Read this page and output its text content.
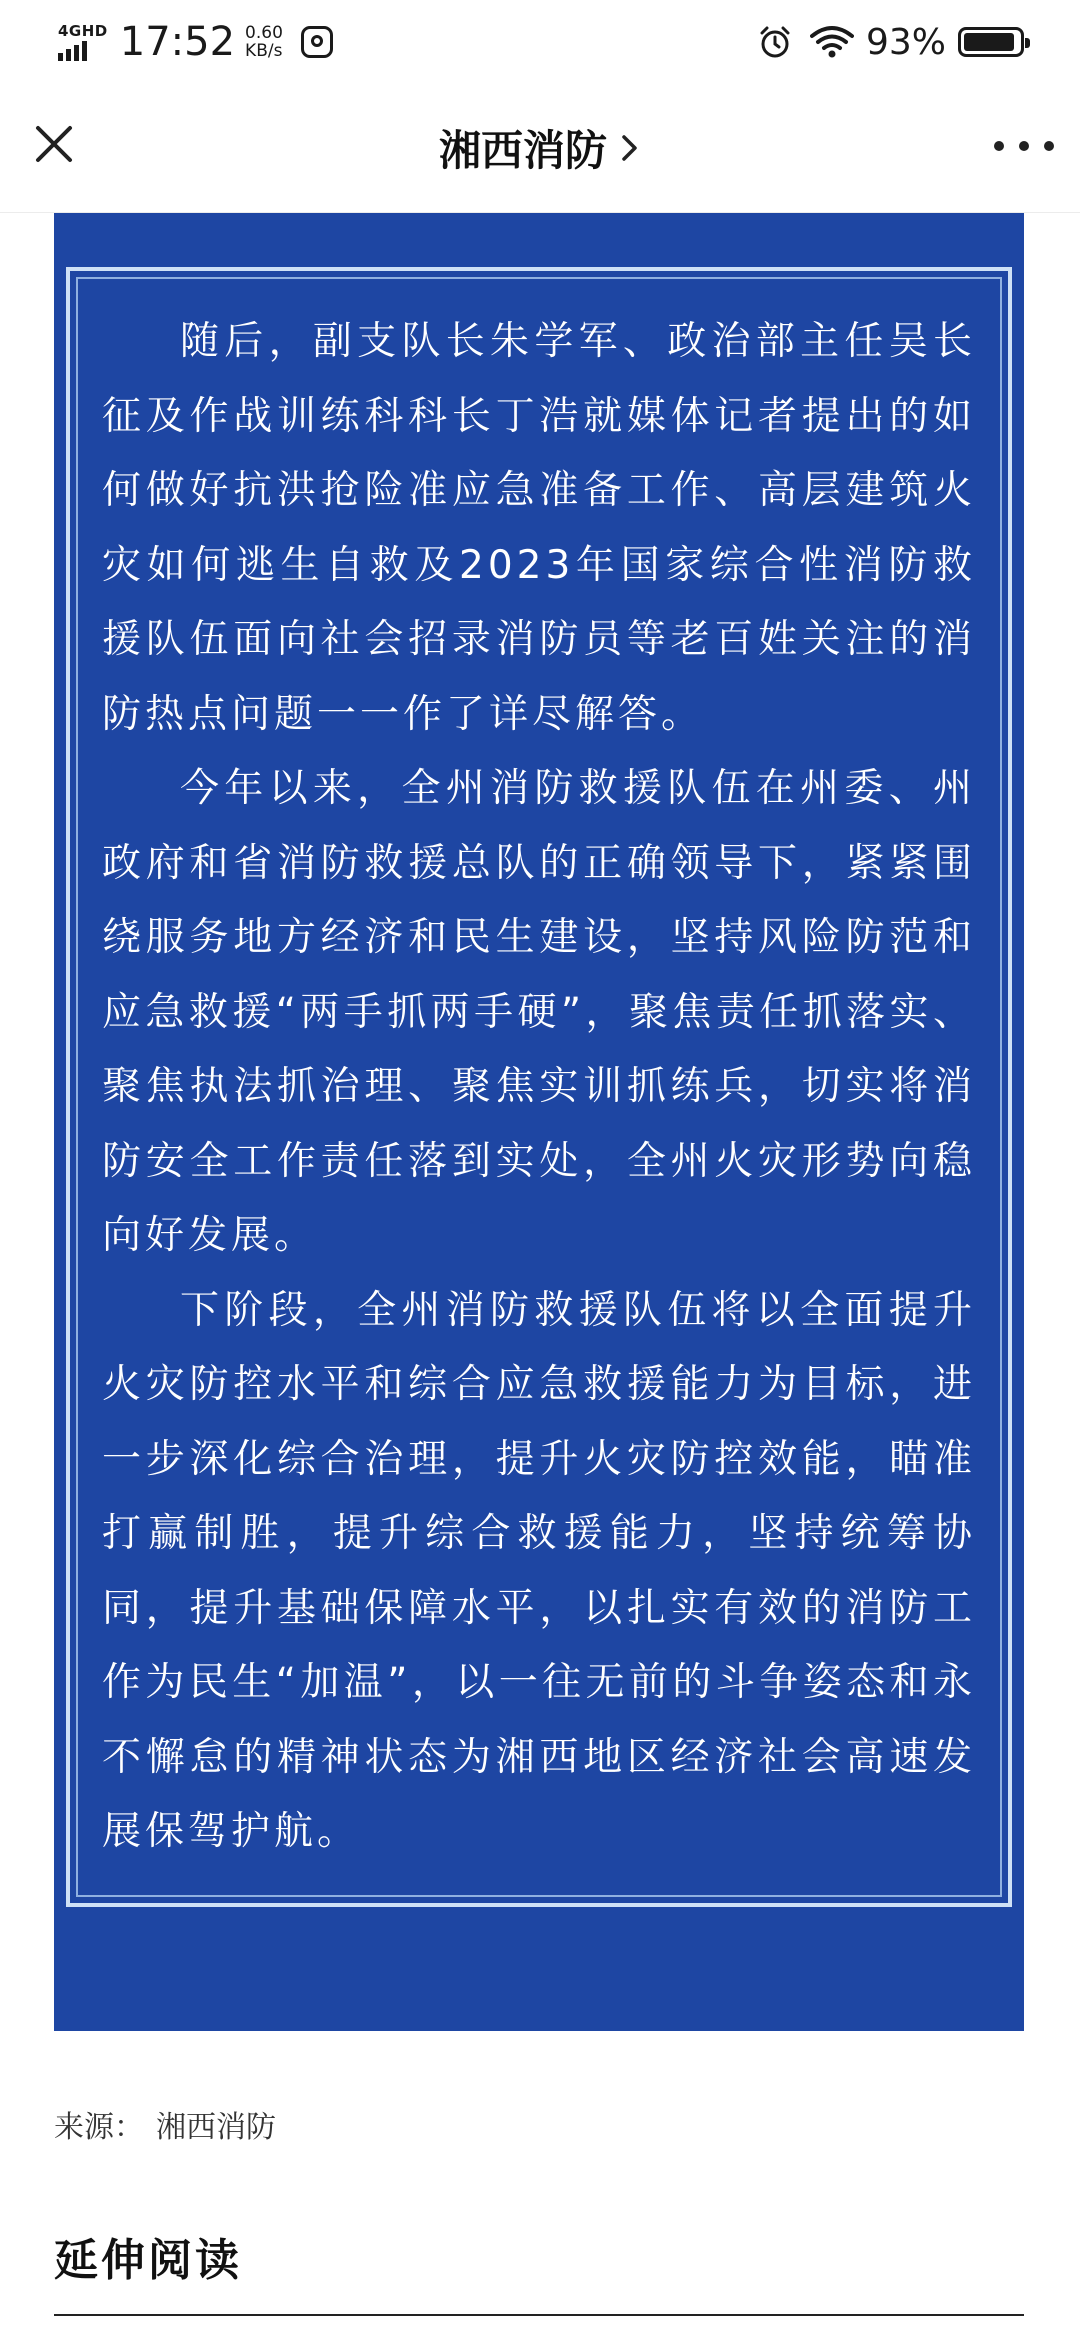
4GHD 17:52 0.60
KB/s	93%
湘西消防

随后，副支队长朱学军、政治部主任吴长征及作战训练科科长丁浩就媒体记者提出的如何做好抗洪抢险准应急准备工作、高层建筑火灾如何逃生自救及2023年国家综合性消防救援队伍面向社会招录消防员等老百姓关注的消防热点问题一一作了详尽解答。

今年以来，全州消防救援队伍在州委、州政府和省消防救援总队的正确领导下，紧紧围绕服务地方经济和民生建设，坚持风险防范和应急救援“两手抓两手硬”，聚焦责任抓落实、聚焦执法抓治理、聚焦实训抓练兵，切实将消防安全工作责任落到实处，全州火灾形势向稳向好发展。

下阶段，全州消防救援队伍将以全面提升火灾防控水平和综合应急救援能力为目标，进一步深化综合治理，提升火灾防控效能，瞄准打赢制胜，提升综合救援能力，坚持统筹协同，提升基础保障水平，以扎实有效的消防工作为民生“加温”，以一往无前的斗争姿态和永不懈怠的精神状态为湘西地区经济社会高速发展保驾护航。

来源： 湘西消防
延伸阅读
